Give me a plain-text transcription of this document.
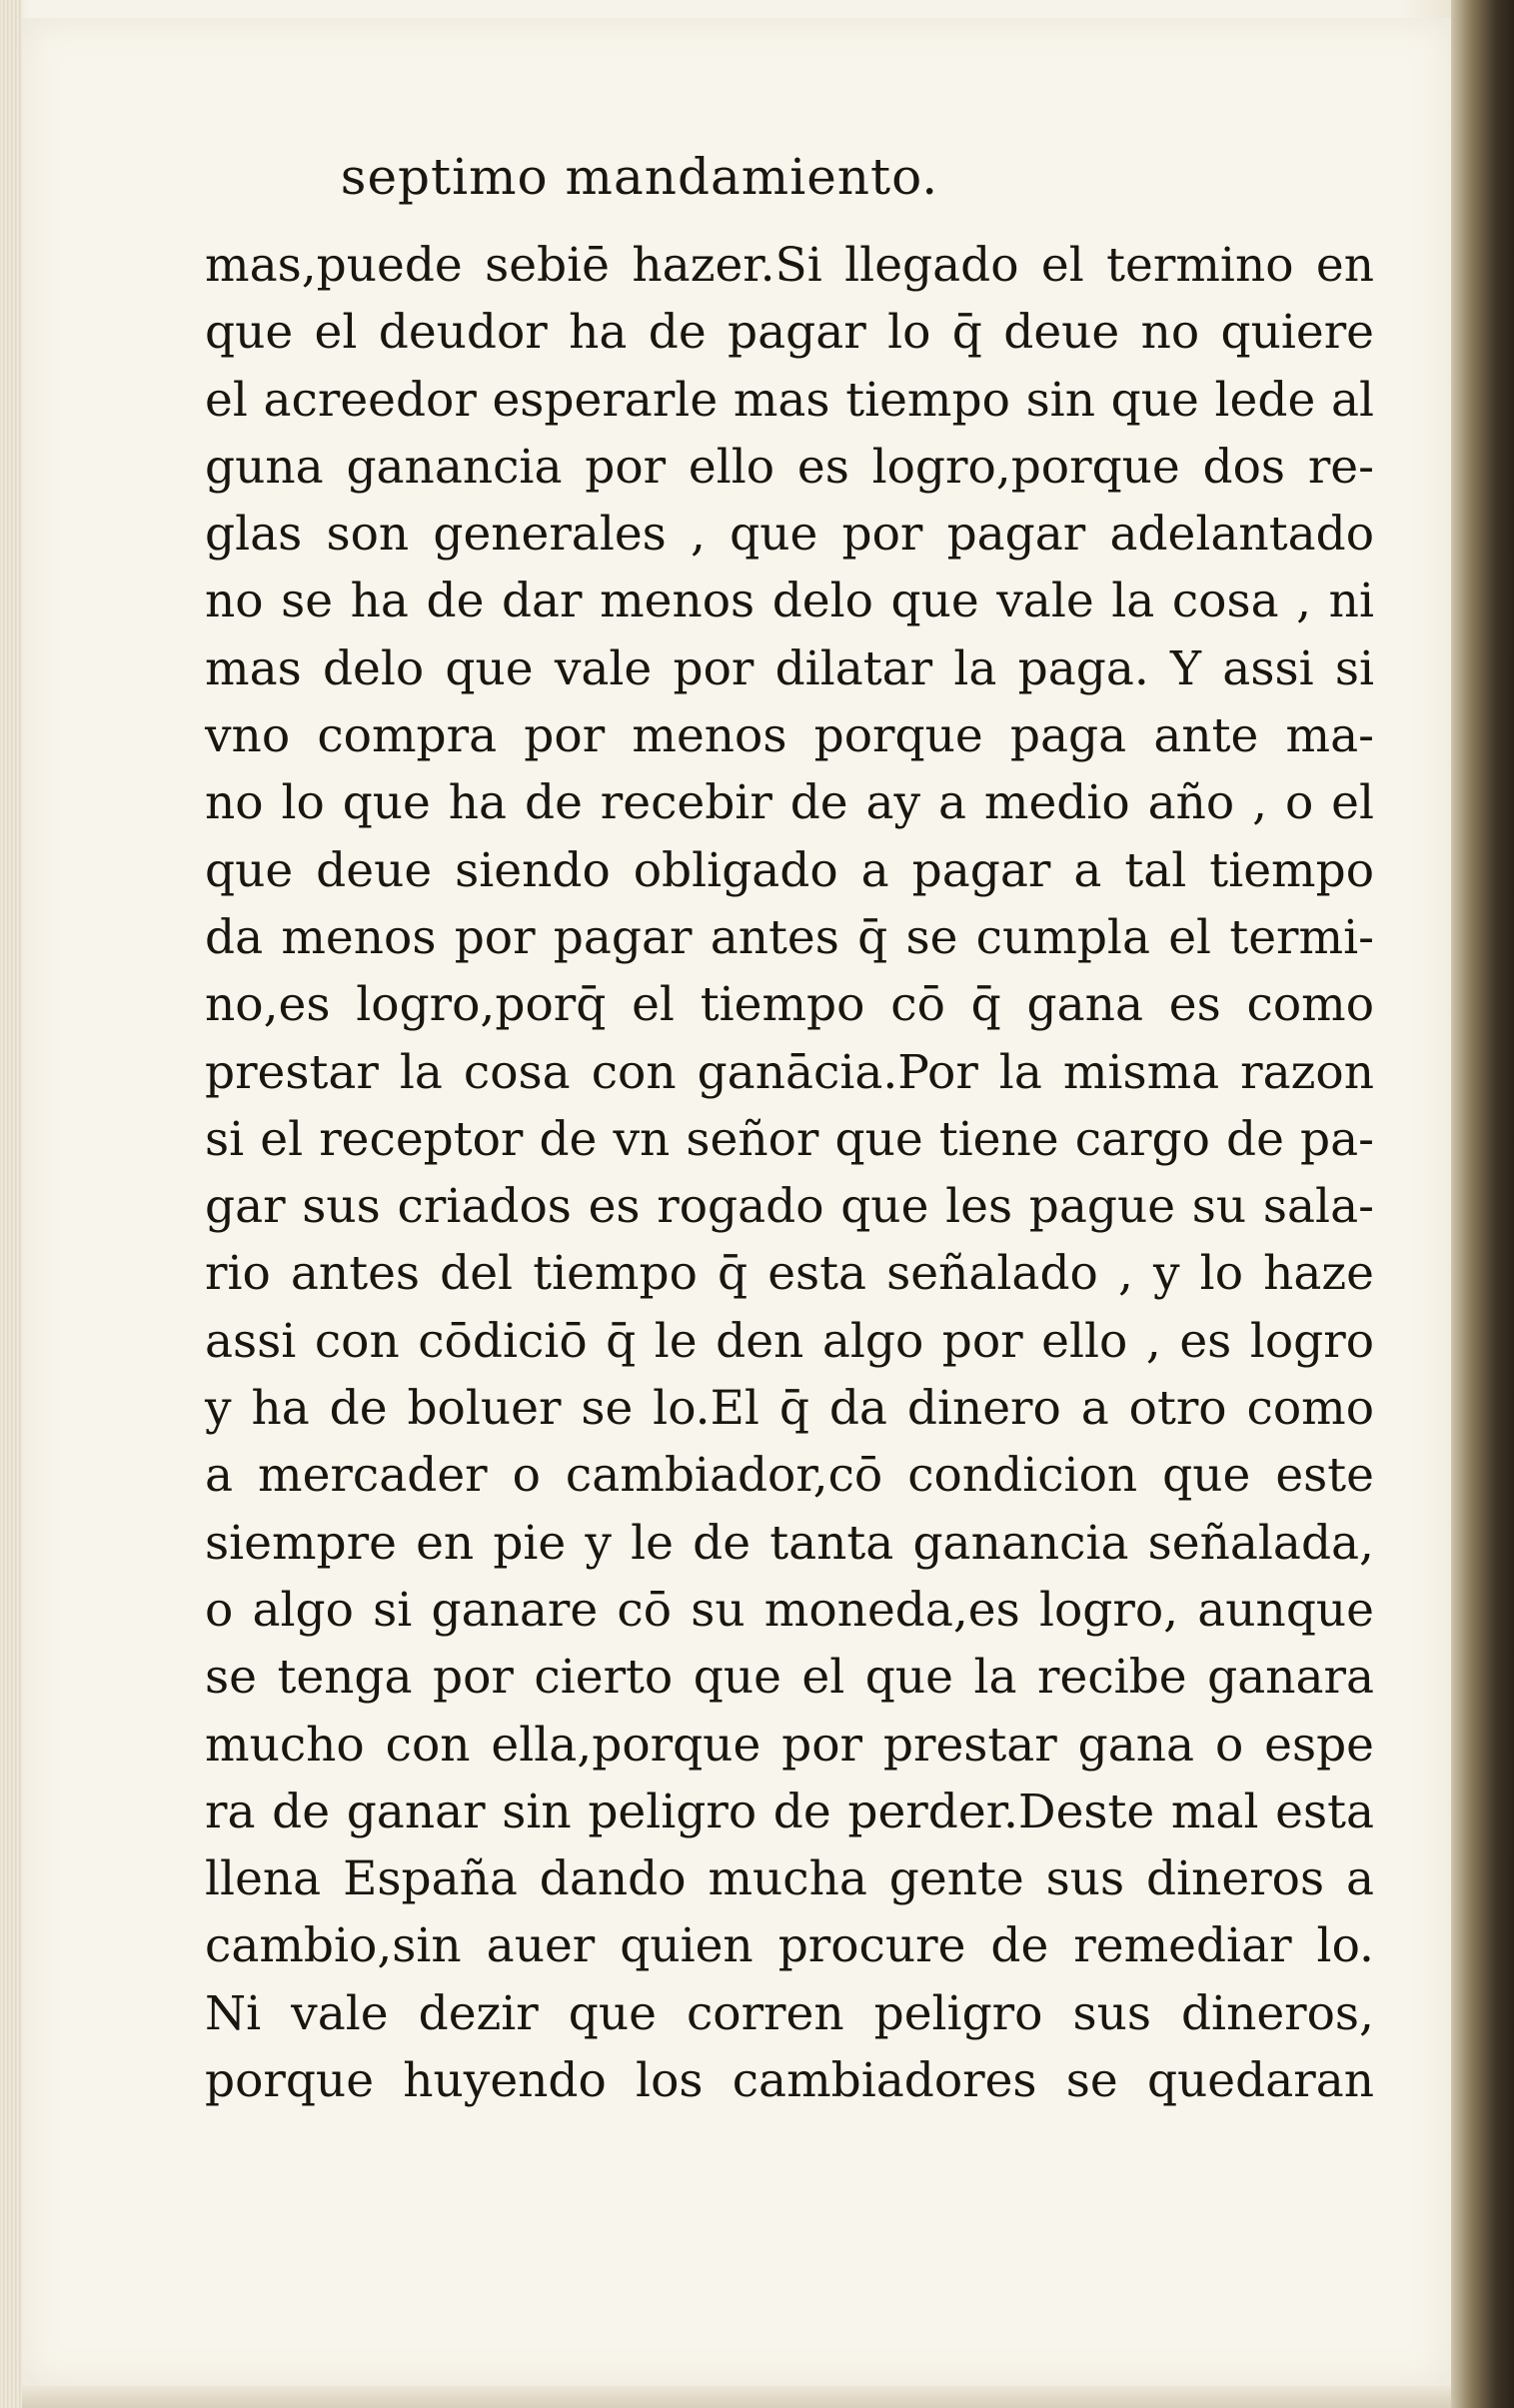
septimo mandamiento.
mas,puede sebiē hazer.Si llegado el termino en
que el deudor ha de pagar lo q̄ deue no quiere
el acreedor esperarle mas tiempo sin que lede al
guna ganancia por ello es logro,porque dos re-
glas son generales , que por pagar adelantado
no se ha de dar menos delo que vale la cosa , ni
mas delo que vale por dilatar la paga. Y assi si
vno compra por menos porque paga ante ma-
no lo que ha de recebir de ay a medio año , o el
que deue siendo obligado a pagar a tal tiempo
da menos por pagar antes q̄ se cumpla el termi-
no,es logro,porq̄ el tiempo cō q̄ gana es como
prestar la cosa con ganācia.Por la misma razon
si el receptor de vn señor que tiene cargo de pa-
gar sus criados es rogado que les pague su sala-
rio antes del tiempo q̄ esta señalado , y lo haze
assi con cōdiciō q̄ le den algo por ello , es logro
y ha de boluer se lo.El q̄ da dinero a otro como
a mercader o cambiador,cō condicion que este
siempre en pie y le de tanta ganancia señalada,
o algo si ganare cō su moneda,es logro, aunque
se tenga por cierto que el que la recibe ganara
mucho con ella,porque por prestar gana o espe
ra de ganar sin peligro de perder.Deste mal esta
llena España dando mucha gente sus dineros a
cambio,sin auer quien procure de remediar lo.
Ni vale dezir que corren peligro sus dineros,
porque huyendo los cambiadores se quedaran
